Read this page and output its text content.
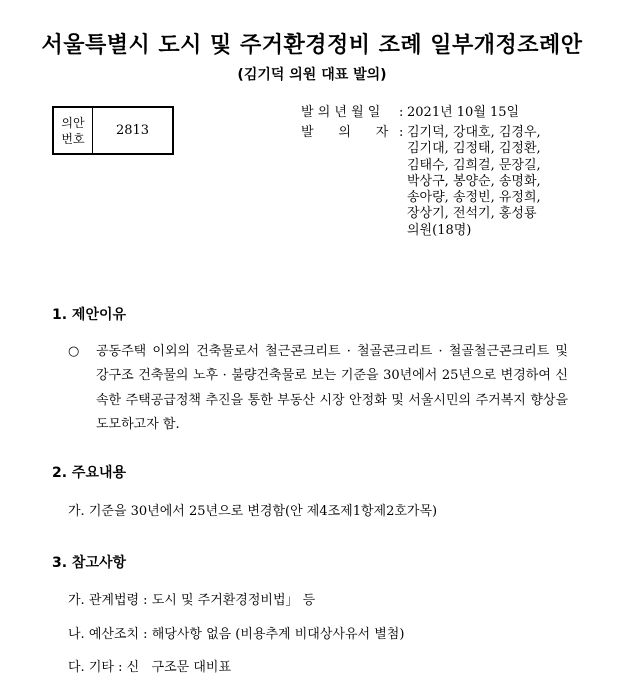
서울특별시 도시 및 주거환경정비 조례 일부개정조례안
(김기덕 의원 대표 발의)
의안
번호
2813
발 의 년 월 일 : 2021년 10월 15일
발      의      자 : 김기덕, 강대호, 김경우,
김기대, 김정태, 김정환,
김태수, 김희걸, 문장길,
박상구, 봉양순, 송명화,
송아량, 송정빈, 유정희,
장상기, 전석기, 홍성룡
의원(18명)
1. 제안이유
○ 공동주택 이외의 건축물로서 철근콘크리트 · 철골콘크리트 · 철골철근콘크리트 및 강구조 건축물의 노후 · 불량건축물로 보는 기준을 30년에서 25년으로 변경하여 신속한 주택공급정책 추진을 통한 부동산 시장 안정화 및 서울시민의 주거복지 향상을 도모하고자 함.
2. 주요내용
가. 기준을 30년에서 25년으로 변경함(안 제4조제1항제2호가목)
3. 참고사항
가. 관계법령 : 도시 및 주거환경정비법」 등
나. 예산조치 : 해당사항 없음 (비용추계 비대상사유서 별첨)
다. 기타 : 신   구조문 대비표
